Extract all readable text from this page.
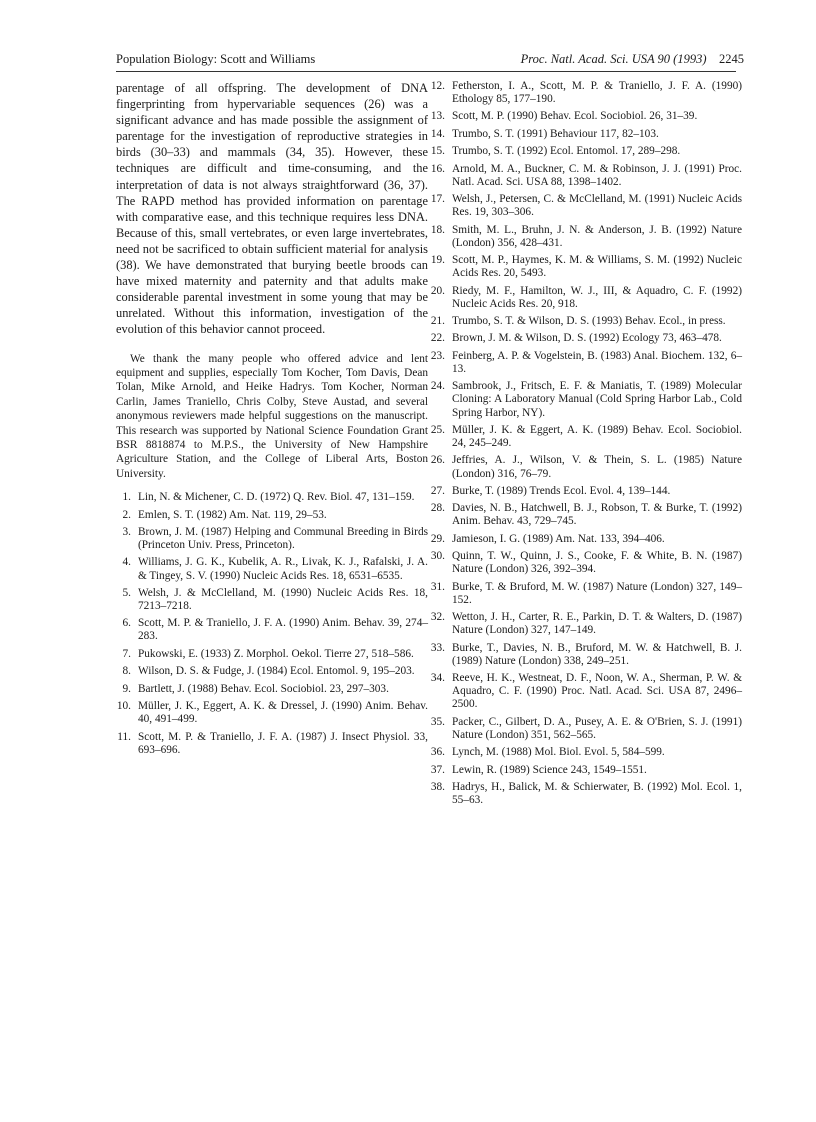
Population Biology: Scott and Williams	Proc. Natl. Acad. Sci. USA 90 (1993) 2245

parentage of all offspring. The development of DNA fingerprinting from hypervariable sequences (26) was a significant advance and has made possible the assignment of parentage for the investigation of reproductive strategies in birds (30–33) and mammals (34, 35). However, these techniques are difficult and time-consuming, and the interpretation of data is not always straightforward (36, 37). The RAPD method has provided information on parentage with comparative ease, and this technique requires less DNA. Because of this, small vertebrates, or even large invertebrates, need not be sacrificed to obtain sufficient material for analysis (38). We have demonstrated that burying beetle broods can have mixed maternity and paternity and that adults make considerable parental investment in some young that may be unrelated. Without this information, investigation of the evolution of this behavior cannot proceed.

We thank the many people who offered advice and lent equipment and supplies, especially Tom Kocher, Tom Davis, Dean Tolan, Mike Arnold, and Heike Hadrys. Tom Kocher, Norman Carlin, James Traniello, Chris Colby, Steve Austad, and several anonymous reviewers made helpful suggestions on the manuscript. This research was supported by National Science Foundation Grant BSR 8818874 to M.P.S., the University of New Hampshire Agriculture Station, and the College of Liberal Arts, Boston University.

1. Lin, N. & Michener, C. D. (1972) Q. Rev. Biol. 47, 131–159.
2. Emlen, S. T. (1982) Am. Nat. 119, 29–53.
3. Brown, J. M. (1987) Helping and Communal Breeding in Birds (Princeton Univ. Press, Princeton).
4. Williams, J. G. K., Kubelik, A. R., Livak, K. J., Rafalski, J. A. & Tingey, S. V. (1990) Nucleic Acids Res. 18, 6531–6535.
5. Welsh, J. & McClelland, M. (1990) Nucleic Acids Res. 18, 7213–7218.
6. Scott, M. P. & Traniello, J. F. A. (1990) Anim. Behav. 39, 274–283.
7. Pukowski, E. (1933) Z. Morphol. Oekol. Tierre 27, 518–586.
8. Wilson, D. S. & Fudge, J. (1984) Ecol. Entomol. 9, 195–203.
9. Bartlett, J. (1988) Behav. Ecol. Sociobiol. 23, 297–303.
10. Müller, J. K., Eggert, A. K. & Dressel, J. (1990) Anim. Behav. 40, 491–499.
11. Scott, M. P. & Traniello, J. F. A. (1987) J. Insect Physiol. 33, 693–696.
12. Fetherston, I. A., Scott, M. P. & Traniello, J. F. A. (1990) Ethology 85, 177–190.
13. Scott, M. P. (1990) Behav. Ecol. Sociobiol. 26, 31–39.
14. Trumbo, S. T. (1991) Behaviour 117, 82–103.
15. Trumbo, S. T. (1992) Ecol. Entomol. 17, 289–298.
16. Arnold, M. A., Buckner, C. M. & Robinson, J. J. (1991) Proc. Natl. Acad. Sci. USA 88, 1398–1402.
17. Welsh, J., Petersen, C. & McClelland, M. (1991) Nucleic Acids Res. 19, 303–306.
18. Smith, M. L., Bruhn, J. N. & Anderson, J. B. (1992) Nature (London) 356, 428–431.
19. Scott, M. P., Haymes, K. M. & Williams, S. M. (1992) Nucleic Acids Res. 20, 5493.
20. Riedy, M. F., Hamilton, W. J., III, & Aquadro, C. F. (1992) Nucleic Acids Res. 20, 918.
21. Trumbo, S. T. & Wilson, D. S. (1993) Behav. Ecol., in press.
22. Brown, J. M. & Wilson, D. S. (1992) Ecology 73, 463–478.
23. Feinberg, A. P. & Vogelstein, B. (1983) Anal. Biochem. 132, 6–13.
24. Sambrook, J., Fritsch, E. F. & Maniatis, T. (1989) Molecular Cloning: A Laboratory Manual (Cold Spring Harbor Lab., Cold Spring Harbor, NY).
25. Müller, J. K. & Eggert, A. K. (1989) Behav. Ecol. Sociobiol. 24, 245–249.
26. Jeffries, A. J., Wilson, V. & Thein, S. L. (1985) Nature (London) 316, 76–79.
27. Burke, T. (1989) Trends Ecol. Evol. 4, 139–144.
28. Davies, N. B., Hatchwell, B. J., Robson, T. & Burke, T. (1992) Anim. Behav. 43, 729–745.
29. Jamieson, I. G. (1989) Am. Nat. 133, 394–406.
30. Quinn, T. W., Quinn, J. S., Cooke, F. & White, B. N. (1987) Nature (London) 326, 392–394.
31. Burke, T. & Bruford, M. W. (1987) Nature (London) 327, 149–152.
32. Wetton, J. H., Carter, R. E., Parkin, D. T. & Walters, D. (1987) Nature (London) 327, 147–149.
33. Burke, T., Davies, N. B., Bruford, M. W. & Hatchwell, B. J. (1989) Nature (London) 338, 249–251.
34. Reeve, H. K., Westneat, D. F., Noon, W. A., Sherman, P. W. & Aquadro, C. F. (1990) Proc. Natl. Acad. Sci. USA 87, 2496–2500.
35. Packer, C., Gilbert, D. A., Pusey, A. E. & O'Brien, S. J. (1991) Nature (London) 351, 562–565.
36. Lynch, M. (1988) Mol. Biol. Evol. 5, 584–599.
37. Lewin, R. (1989) Science 243, 1549–1551.
38. Hadrys, H., Balick, M. & Schierwater, B. (1992) Mol. Ecol. 1, 55–63.
